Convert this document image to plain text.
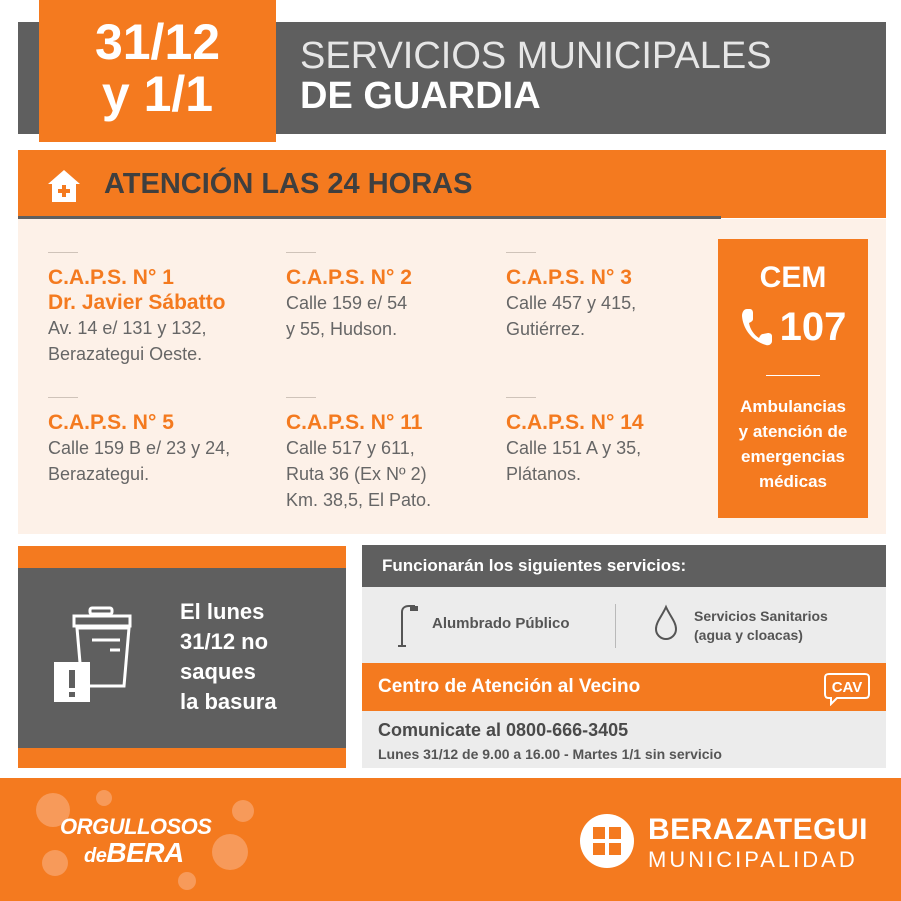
31/12
y 1/1
SERVICIOS MUNICIPALES
DE GUARDIA
ATENCIÓN LAS 24 HORAS
C.A.P.S. N° 1
Dr. Javier Sábatto
Av. 14 e/ 131 y 132,
Berazategui Oeste.
C.A.P.S. N° 2
Calle 159 e/ 54
y 55, Hudson.
C.A.P.S. N° 3
Calle 457 y 415,
Gutiérrez.
C.A.P.S. N° 5
Calle 159 B e/ 23 y 24,
Berazategui.
C.A.P.S. N° 11
Calle 517 y 611,
Ruta 36 (Ex Nº 2)
Km. 38,5, El Pato.
C.A.P.S. N° 14
Calle 151 A y 35,
Plátanos.
CEM
107
Ambulancias
y atención de
emergencias
médicas
El lunes
31/12 no
saques
la basura
Funcionarán los siguientes servicios:
Alumbrado Público	Servicios Sanitarios
(agua y cloacas)
Centro de Atención al Vecino	CAV
Comunicate al 0800-666-3405
Lunes 31/12 de 9.00 a 16.00 - Martes 1/1 sin servicio
ORGULLOSOS
deBERA
BERAZATEGUI
MUNICIPALIDAD
